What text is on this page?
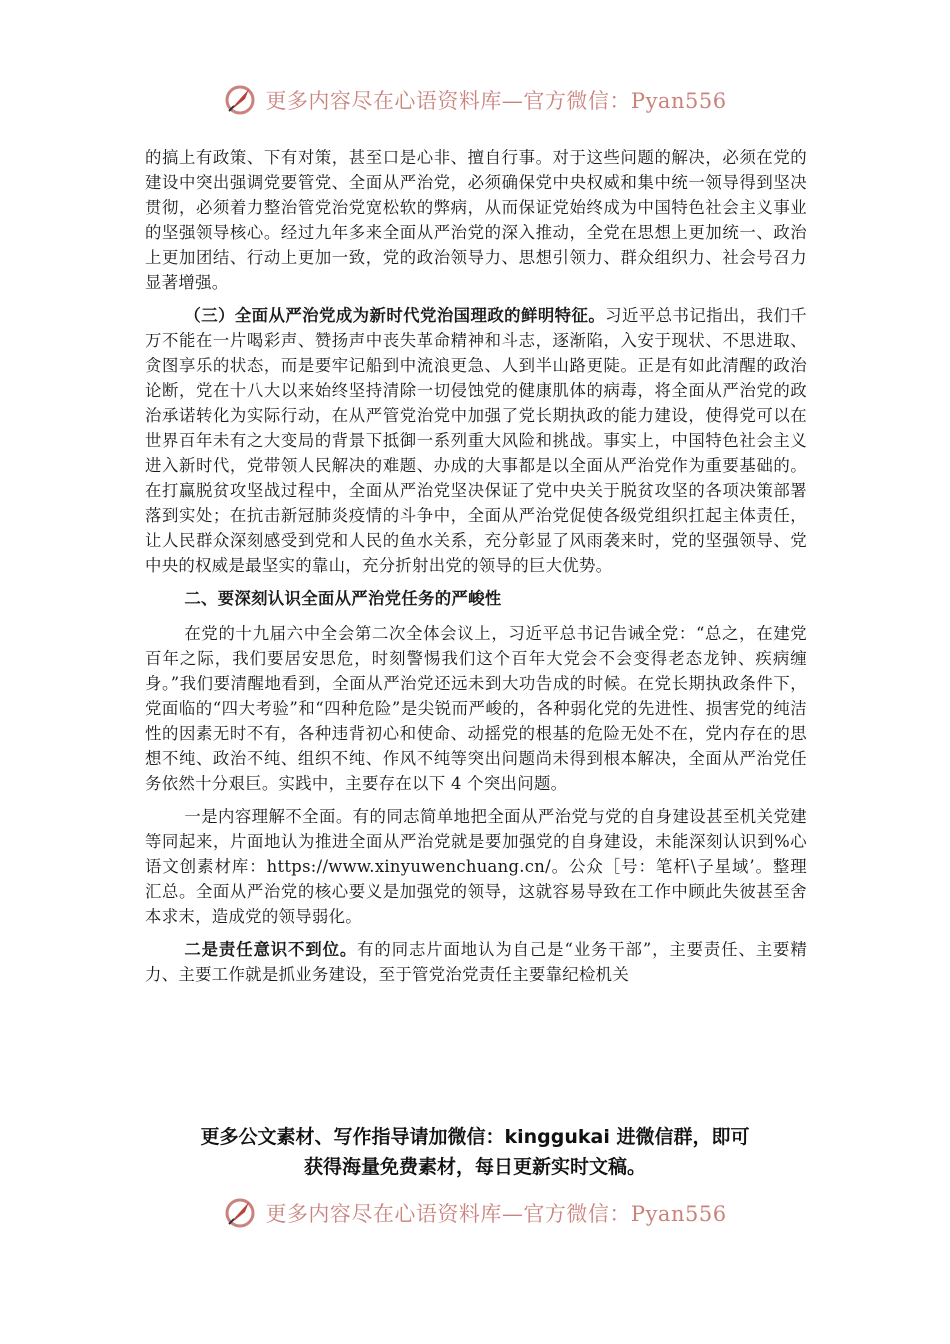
更多内容尽在心语资料库—官方微信：Pyan556

的搞上有政策、下有对策，甚至口是心非、擅自行事。对于这些问题的解决，必须在党的建设中突出强调党要管党、全面从严治党，必须确保党中央权威和集中统一领导得到坚决贯彻，必须着力整治管党治党宽松软的弊病，从而保证党始终成为中国特色社会主义事业的坚强领导核心。经过九年多来全面从严治党的深入推动，全党在思想上更加统一、政治上更加团结、行动上更加一致，党的政治领导力、思想引领力、群众组织力、社会号召力显著增强。

（三）全面从严治党成为新时代党治国理政的鲜明特征。习近平总书记指出，我们千万不能在一片喝彩声、赞扬声中丧失革命精神和斗志，逐渐陷，入安于现状、不思进取、贪图享乐的状态，而是要牢记船到中流浪更急、人到半山路更陡。正是有如此清醒的政治论断，党在十八大以来始终坚持清除一切侵蚀党的健康肌体的病毒，将全面从严治党的政治承诺转化为实际行动，在从严管党治党中加强了党长期执政的能力建设，使得党可以在世界百年未有之大变局的背景下抵御一系列重大风险和挑战。事实上，中国特色社会主义进入新时代，党带领人民解决的难题、办成的大事都是以全面从严治党作为重要基础的。在打赢脱贫攻坚战过程中，全面从严治党坚决保证了党中央关于脱贫攻坚的各项决策部署落到实处；在抗击新冠肺炎疫情的斗争中，全面从严治党促使各级党组织扛起主体责任，让人民群众深刻感受到党和人民的鱼水关系，充分彰显了风雨袭来时，党的坚强领导、党中央的权威是最坚实的靠山，充分折射出党的领导的巨大优势。

二、要深刻认识全面从严治党任务的严峻性

在党的十九届六中全会第二次全体会议上，习近平总书记告诫全党：“总之，在建党百年之际，我们要居安思危，时刻警惕我们这个百年大党会不会变得老态龙钟、疾病缠身。”我们要清醒地看到，全面从严治党还远未到大功告成的时候。在党长期执政条件下，党面临的“四大考验”和“四种危险”是尖锐而严峻的，各种弱化党的先进性、损害党的纯洁性的因素无时不有，各种违背初心和使命、动摇党的根基的危险无处不在，党内存在的思想不纯、政治不纯、组织不纯、作风不纯等突出问题尚未得到根本解决，全面从严治党任务依然十分艰巨。实践中，主要存在以下 4 个突出问题。

一是内容理解不全面。有的同志简单地把全面从严治党与党的自身建设甚至机关党建等同起来，片面地认为推进全面从严治党就是要加强党的自身建设，未能深刻认识到%心语文创素材库：https://www.xinyuwenchuang.cn/。公众［号：笔杆\子星域’。整理汇总。全面从严治党的核心要义是加强党的领导，这就容易导致在工作中顾此失彼甚至舍本求末，造成党的领导弱化。

二是责任意识不到位。有的同志片面地认为自己是“业务干部”，主要责任、主要精力、主要工作就是抓业务建设，至于管党治党责任主要靠纪检机关

更多公文素材、写作指导请加微信：kinggukai 进微信群，即可
获得海量免费素材，每日更新实时文稿。
更多内容尽在心语资料库—官方微信：Pyan556
